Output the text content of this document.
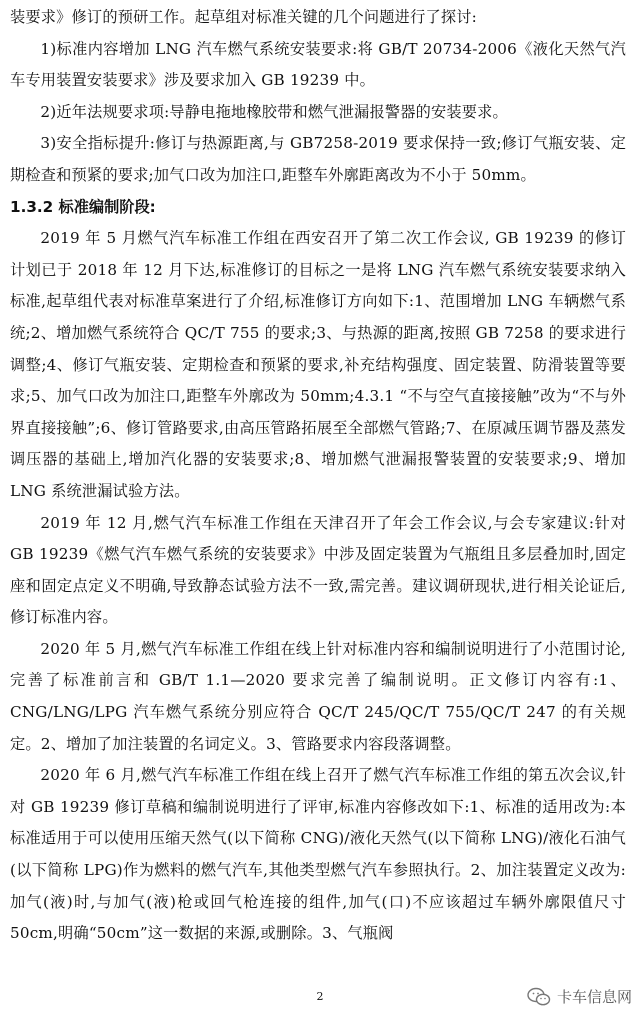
装要求》修订的预研工作。起草组对标准关键的几个问题进行了探讨:

1)标准内容增加 LNG 汽车燃气系统安装要求:将 GB/T 20734-2006《液化天然气汽车专用装置安装要求》涉及要求加入 GB 19239 中。

2)近年法规要求项:导静电拖地橡胶带和燃气泄漏报警器的安装要求。

3)安全指标提升:修订与热源距离,与 GB7258-2019 要求保持一致;修订气瓶安装、定期检查和预紧的要求;加气口改为加注口,距整车外廓距离改为不小于 50mm。

1.3.2 标准编制阶段:

2019 年 5 月燃气汽车标准工作组在西安召开了第二次工作会议, GB 19239 的修订计划已于 2018 年 12 月下达,标准修订的目标之一是将 LNG 汽车燃气系统安装要求纳入标准,起草组代表对标准草案进行了介绍,标准修订方向如下:1、范围增加 LNG 车辆燃气系统;2、增加燃气系统符合 QC/T 755 的要求;3、与热源的距离,按照 GB 7258 的要求进行调整;4、修订气瓶安装、定期检查和预紧的要求,补充结构强度、固定装置、防滑装置等要求;5、加气口改为加注口,距整车外廓改为 50mm;4.3.1 “不与空气直接接触”改为“不与外界直接接触”;6、修订管路要求,由高压管路拓展至全部燃气管路;7、在原减压调节器及蒸发调压器的基础上,增加汽化器的安装要求;8、增加燃气泄漏报警装置的安装要求;9、增加 LNG 系统泄漏试验方法。

2019 年 12 月,燃气汽车标准工作组在天津召开了年会工作会议,与会专家建议:针对 GB 19239《燃气汽车燃气系统的安装要求》中涉及固定装置为气瓶组且多层叠加时,固定座和固定点定义不明确,导致静态试验方法不一致,需完善。建议调研现状,进行相关论证后,修订标准内容。

2020 年 5 月,燃气汽车标准工作组在线上针对标准内容和编制说明进行了小范围讨论,完善了标准前言和 GB/T 1.1—2020 要求完善了编制说明。正文修订内容有:1、CNG/LNG/LPG 汽车燃气系统分别应符合 QC/T 245/QC/T 755/QC/T 247 的有关规定。2、增加了加注装置的名词定义。3、管路要求内容段落调整。

2020 年 6 月,燃气汽车标准工作组在线上召开了燃气汽车标准工作组的第五次会议,针对 GB 19239 修订草稿和编制说明进行了评审,标准内容修改如下:1、标准的适用改为:本标准适用于可以使用压缩天然气(以下简称 CNG)/液化天然气(以下简称 LNG)/液化石油气(以下简称 LPG)作为燃料的燃气汽车,其他类型燃气汽车参照执行。2、加注装置定义改为:加气(液)时,与加气(液)枪或回气枪连接的组件,加气(口)不应该超过车辆外廓限值尺寸 50cm,明确“50cm”这一数据的来源,或删除。3、气瓶阀

2	卡车信息网
